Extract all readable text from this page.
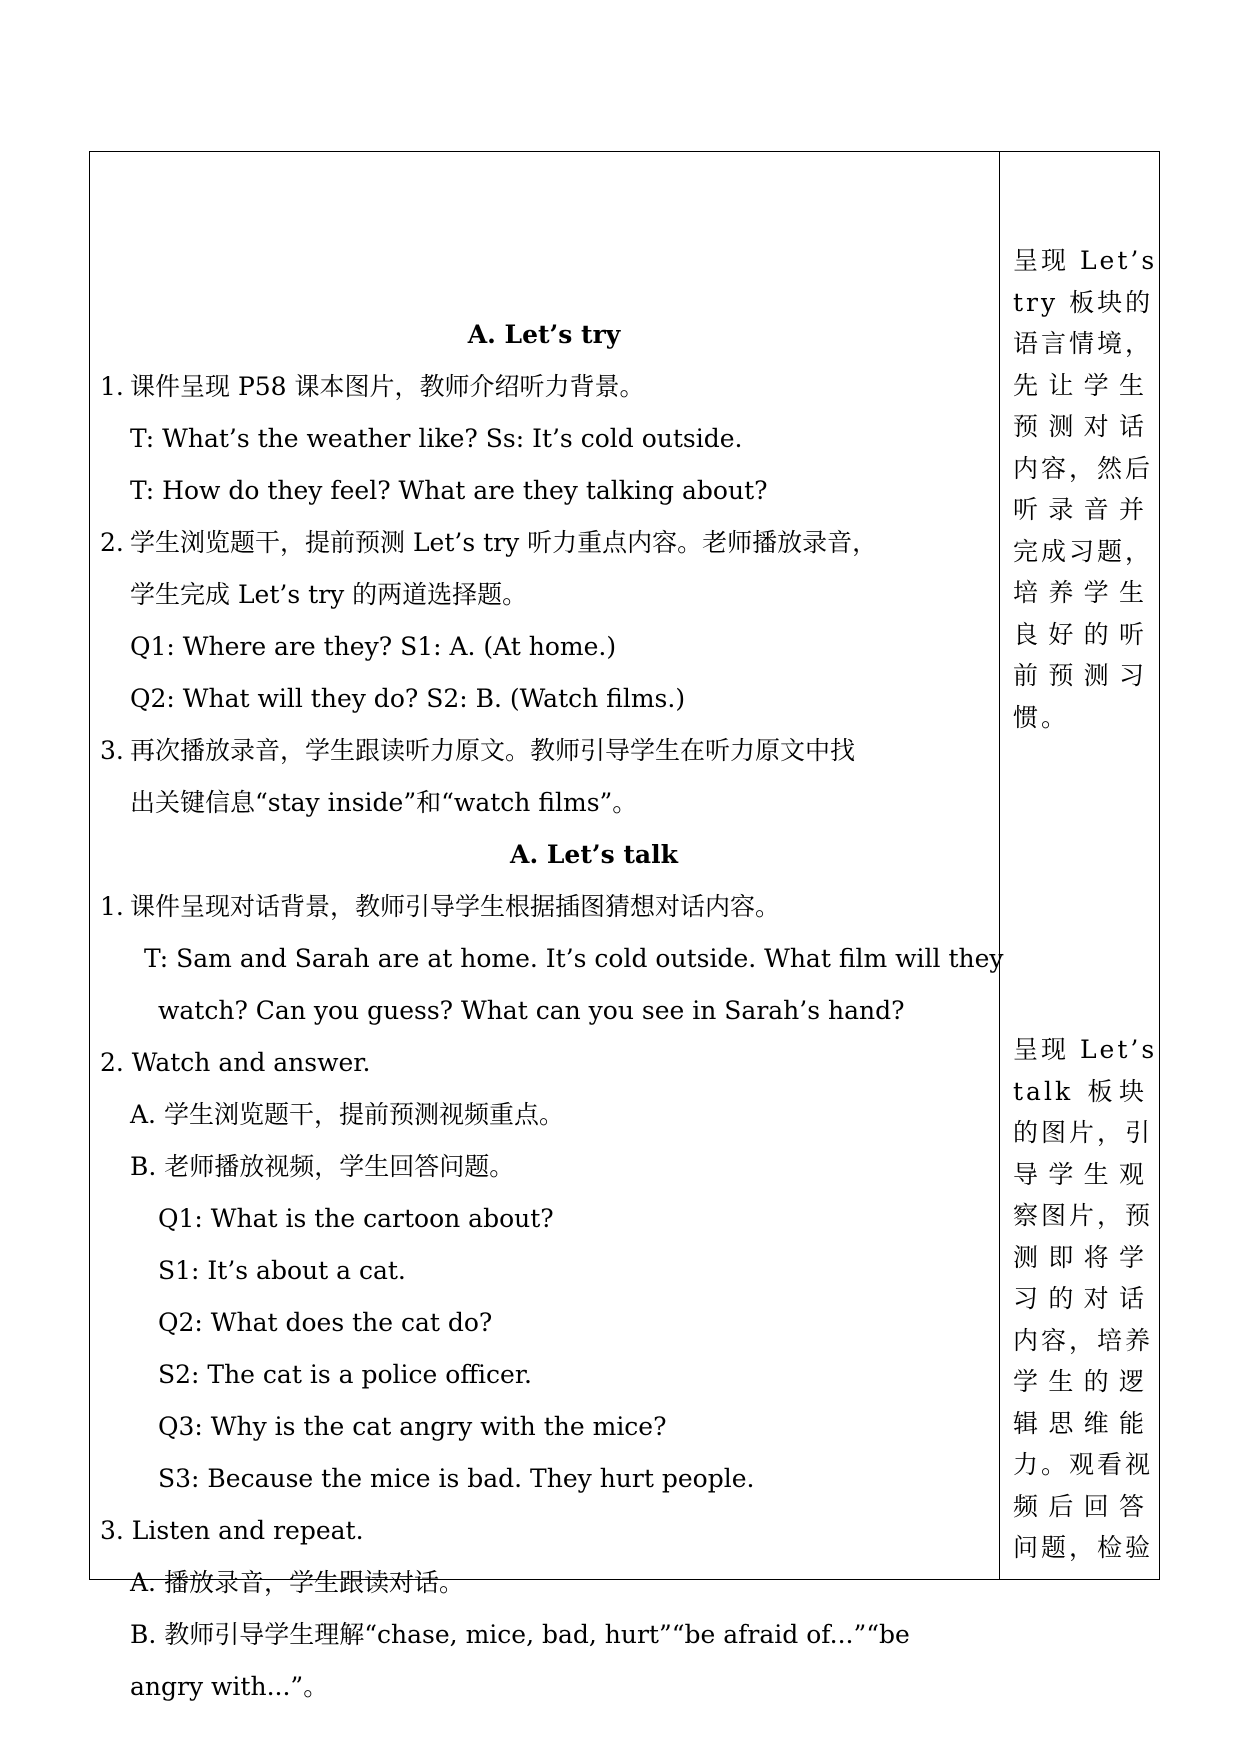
A. Let’s try
1. 课件呈现 P58 课本图片，教师介绍听力背景。
T: What’s the weather like? Ss: It’s cold outside.
T: How do they feel? What are they talking about?
2. 学生浏览题干，提前预测 Let’s try 听力重点内容。老师播放录音，
学生完成 Let’s try 的两道选择题。
Q1: Where are they? S1: A. (At home.)
Q2: What will they do? S2: B. (Watch films.)
3. 再次播放录音，学生跟读听力原文。教师引导学生在听力原文中找
出关键信息“stay inside”和“watch films”。
A. Let’s talk
1. 课件呈现对话背景，教师引导学生根据插图猜想对话内容。
T: Sam and Sarah are at home. It’s cold outside. What film will they
watch? Can you guess? What can you see in Sarah’s hand?
2. Watch and answer.
A. 学生浏览题干，提前预测视频重点。
B. 老师播放视频，学生回答问题。
Q1: What is the cartoon about?
S1: It’s about a cat.
Q2: What does the cat do?
S2: The cat is a police officer.
Q3: Why is the cat angry with the mice?
S3: Because the mice is bad. They hurt people.
3. Listen and repeat.
A. 播放录音，学生跟读对话。
B. 教师引导学生理解“chase, mice, bad, hurt”“be afraid of...”“be
angry with...”。
呈现 Let’s
try 板块的
语言情境，
先让学生
预测对话
内容，然后
听录音并
完成习题，
培养学生
良好的听
前预测习
惯。
呈现 Let’s
talk 板块
的图片，引
导学生观
察图片，预
测即将学
习的对话
内容，培养
学生的逻
辑思维能
力。观看视
频后回答
问题，检验
